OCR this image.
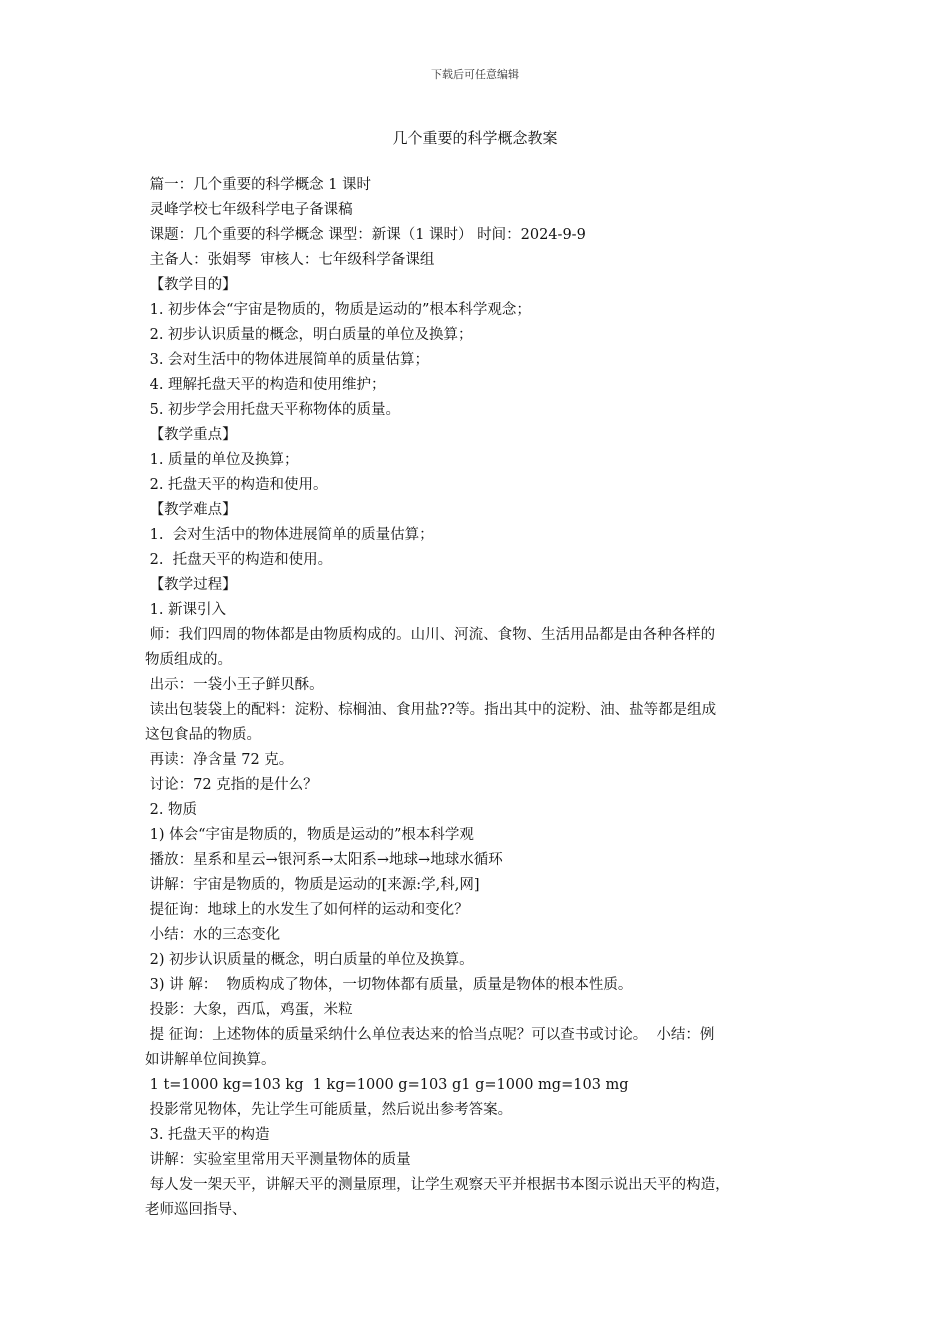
下载后可任意编辑
几个重要的科学概念教案
篇一：几个重要的科学概念 1 课时
灵峰学校七年级科学电子备课稿
课题：几个重要的科学概念 课型：新课（1 课时） 时间：2024-9-9
主备人：张娟琴  审核人：七年级科学备课组
【教学目的】
1. 初步体会“宇宙是物质的，物质是运动的”根本科学观念；
2. 初步认识质量的概念，明白质量的单位及换算；
3. 会对生活中的物体进展简单的质量估算；
4. 理解托盘天平的构造和使用维护；
5. 初步学会用托盘天平称物体的质量。
【教学重点】
1. 质量的单位及换算；
2. 托盘天平的构造和使用。
【教学难点】
1.  会对生活中的物体进展简单的质量估算；
2.  托盘天平的构造和使用。
【教学过程】
1. 新课引入
师：我们四周的物体都是由物质构成的。山川、河流、食物、生活用品都是由各种各样的
物质组成的。
出示：一袋小王子鲜贝酥。
读出包装袋上的配料：淀粉、棕榈油、食用盐??等。指出其中的淀粉、油、盐等都是组成
这包食品的物质。
再读：净含量 72 克。
讨论：72 克指的是什么？
2. 物质
1) 体会“宇宙是物质的，物质是运动的”根本科学观
播放：星系和星云→银河系→太阳系→地球→地球水循环
讲解：宇宙是物质的，物质是运动的[来源:学,科,网]
提征询：地球上的水发生了如何样的运动和变化？
小结：水的三态变化
2) 初步认识质量的概念，明白质量的单位及换算。
3) 讲 解：  物质构成了物体，一切物体都有质量，质量是物体的根本性质。
投影：大象，西瓜，鸡蛋，米粒
提 征询：上述物体的质量采纳什么单位表达来的恰当点呢？可以查书或讨论。  小结：例
如讲解单位间换算。
1 t=1000 kg=103 kg  1 kg=1000 g=103 g1 g=1000 mg=103 mg
投影常见物体，先让学生可能质量，然后说出参考答案。
3. 托盘天平的构造
讲解：实验室里常用天平测量物体的质量
每人发一架天平，讲解天平的测量原理，让学生观察天平并根据书本图示说出天平的构造，
老师巡回指导、
